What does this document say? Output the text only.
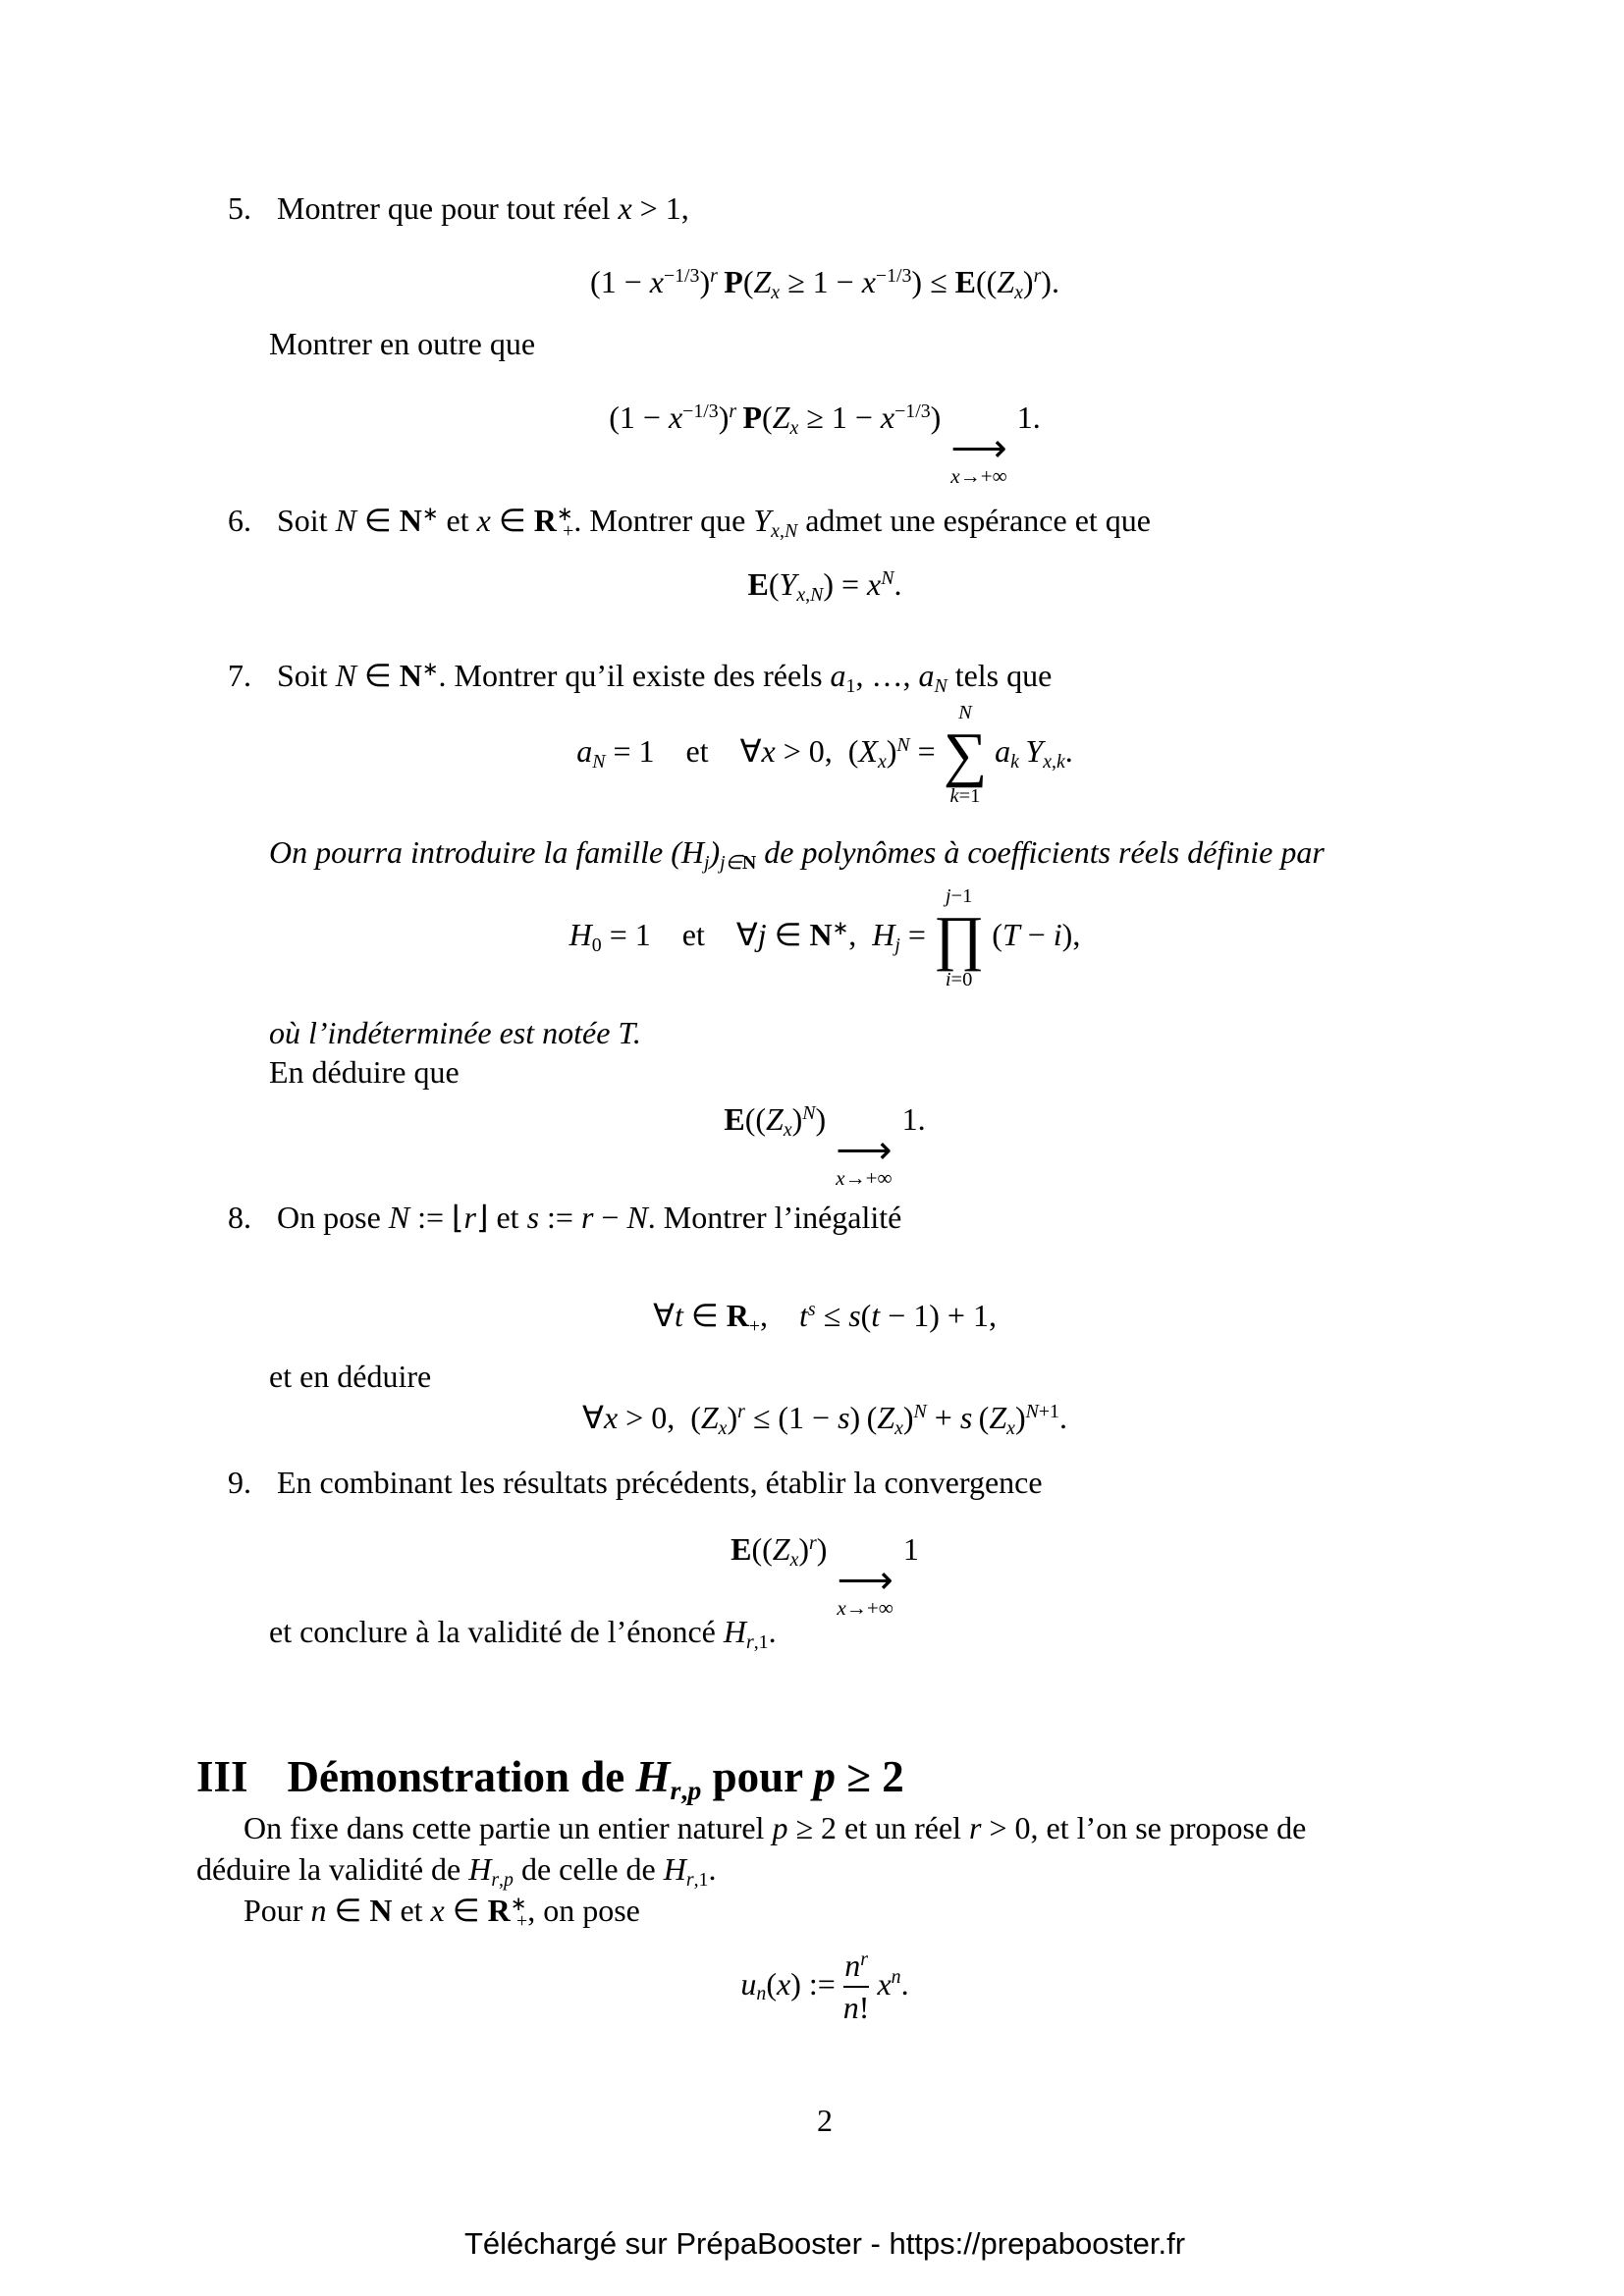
5. Montrer que pour tout réel x > 1,
$(1 - x^{-1/3})^r$  $P(Z_x \ge 1 - x^{-1/3}) \le E((Z_x)^r)$.
Montrer en outre que
$(1 - x^{-1/3})^r$  $P(Z_x \ge 1 - x^{-1/3})$
⟶
x→+∞
1.
6. Soit N ∈ N∗ et x ∈ $R^∗_+$. Montrer que $Y_{x,N}$ admet une espérance et que
$E(Y_{x,N}) = x^N$.
7. Soit N ∈ N∗. Montrer qu’il existe des réels $a_1$, …, $a_N$ tels que
$a_N = 1$ et ∀x > 0, $(X_x)^N$ =
N
∑
k=1
$a_k$  $Y_{x,k}$.
On pourra introduire la famille $(H_j)_{j\in N}$ de polynômes à coefficients réels définie par
$H_0 = 1$ et ∀j ∈ N∗, $H_j$ =
j−1
∏
i=0
(T − i),
où l’indéterminée est notée T.
En déduire que
$E((Z_x)^N)$
⟶
x→+∞
1.
8. On pose N := ⌊r⌋ et s := r − N. Montrer l’inégalité
∀t ∈ $R_+$, $t^s \le s(t - 1) + 1$,
et en déduire
∀x > 0, $(Z_x)^r \le (1 - s) (Z_x)^N + s$ $(Z_x)^{N+1}$.
9. En combinant les résultats précédents, établir la convergence
$E((Z_x)^r)$
⟶
x→+∞
1
et conclure à la validité de l’énoncé $H_{r,1}$.
III Démonstration de $H_{r,p}$ pour p ≥ 2
On fixe dans cette partie un entier naturel p ≥ 2 et un réel r > 0, et l’on se propose de
déduire la validité de $H_{r,p}$ de celle de $H_{r,1}$.
Pour n ∈ N et x ∈ $R^∗_+$, on pose
$u_n(x)$ := $\frac{n^r}{n!} x^n$.
2
Téléchargé sur PrépaBooster - https://prepabooster.fr
